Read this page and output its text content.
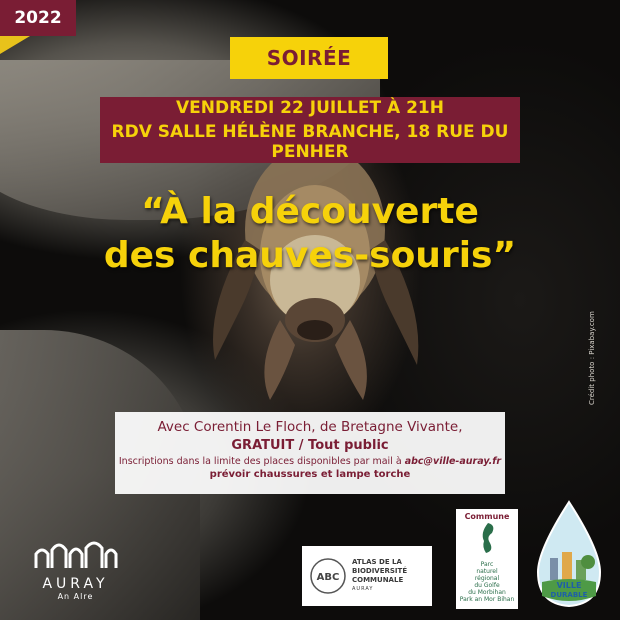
2022
SOIRÉE
VENDREDI 22 JUILLET À 21H
RDV SALLE HÉLÈNE BRANCHE, 18 RUE DU PENHER
“À la découverte
des chauves-souris”
Crédit photo : Pixabay.com
Avec Corentin Le Floch, de Bretagne Vivante,
GRATUIT / Tout public
Inscriptions dans la limite des places disponibles par mail à abc@ville-auray.fr
prévoir chaussures et lampe torche
AURAY
An Alre
ABC
ATLAS DE LA
BIODIVERSITÉ
COMMUNALE
AURAY
Commune
Parc
naturel
régional
du Golfe
du Morbihan
Park an Mor Bihan
VILLE
DURABLE
